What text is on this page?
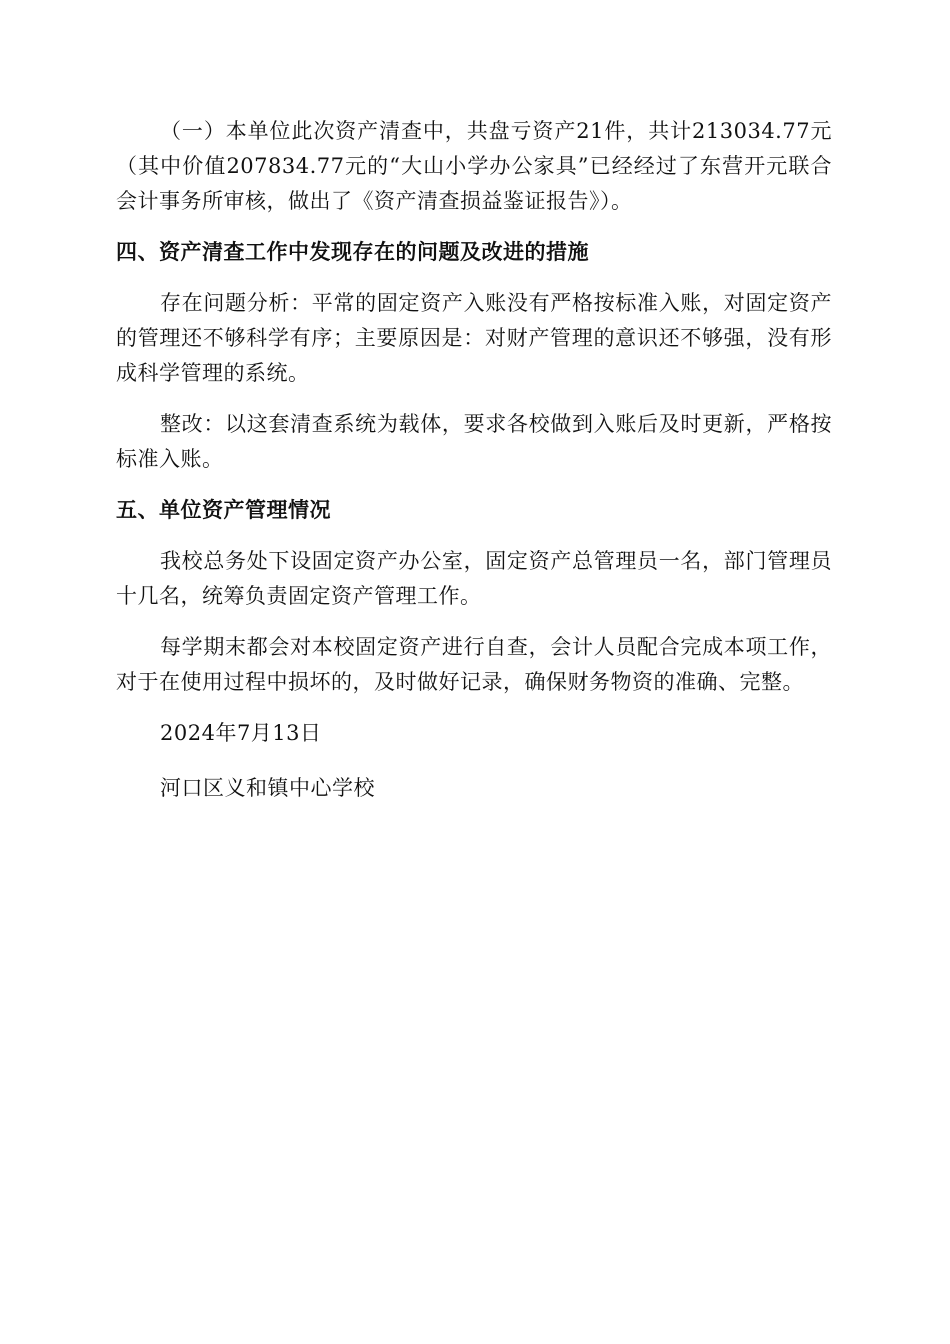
（一）本单位此次资产清查中，共盘亏资产21件，共计213034.77元（其中价值207834.77元的“大山小学办公家具”已经经过了东营开元联合会计事务所审核，做出了《资产清查损益鉴证报告》）。

四、资产清查工作中发现存在的问题及改进的措施

存在问题分析：平常的固定资产入账没有严格按标准入账，对固定资产的管理还不够科学有序；主要原因是：对财产管理的意识还不够强，没有形成科学管理的系统。

整改：以这套清查系统为载体，要求各校做到入账后及时更新，严格按标准入账。

五、单位资产管理情况

我校总务处下设固定资产办公室，固定资产总管理员一名，部门管理员十几名，统筹负责固定资产管理工作。

每学期末都会对本校固定资产进行自查，会计人员配合完成本项工作，对于在使用过程中损坏的，及时做好记录，确保财务物资的准确、完整。

2024年7月13日

河口区义和镇中心学校
